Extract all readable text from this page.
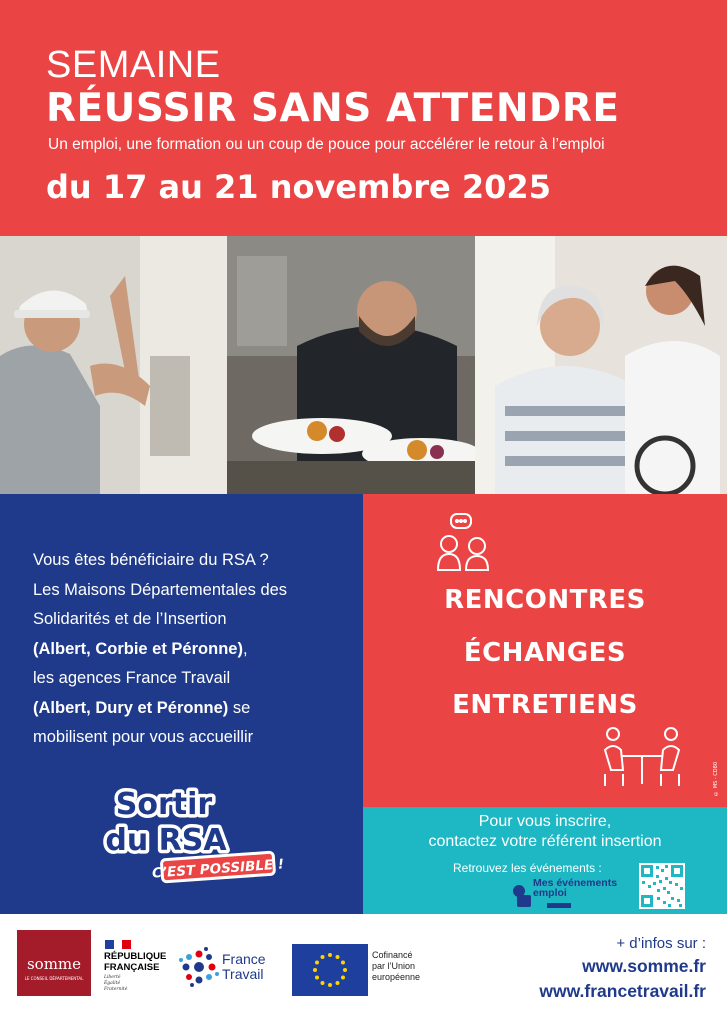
SEMAINE
RÉUSSIR SANS ATTENDRE
Un emploi, une formation ou un coup de pouce pour accélérer le retour à l’emploi
du 17 au 21 novembre 2025
Vous êtes bénéficiaire du RSA ?
Les Maisons Départementales des
Solidarités et de l’Insertion
(Albert, Corbie et Péronne),
les agences France Travail
(Albert, Dury et Péronne) se
mobilisent pour vous accueillir
Sortir
du RSA
C’EST POSSIBLE !
RENCONTRES
ÉCHANGES
ENTRETIENS
© MS - CD80
Pour vous inscrire,
contactez votre référent insertion
Retrouvez les événements :
Mes événements
emploi
somme
LE CONSEIL DÉPARTEMENTAL
RÉPUBLIQUE
FRANÇAISE
Liberté
Égalité
Fraternité
France
Travail
Cofinancé
par l’Union
européenne
+ d’infos sur :
www.somme.fr
www.francetravail.fr
